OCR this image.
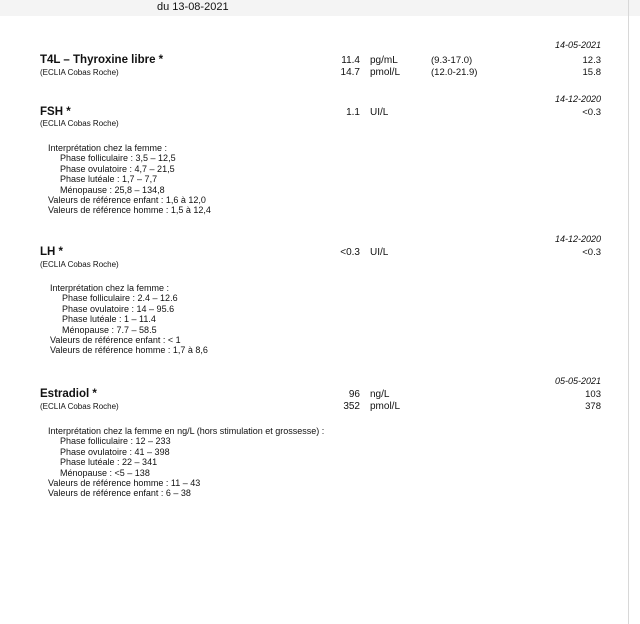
du 13-08-2021
14-05-2021
T4L – Thyroxine libre *
(ECLIA Cobas Roche)
11.4 pg/mL	(9.3-17.0)	12.3
14.7 pmol/L	(12.0-21.9)	15.8
14-12-2020
FSH *
(ECLIA Cobas Roche)
1.1 UI/L	<0.3
Interprétation chez la femme :
Phase folliculaire : 3,5 – 12,5
Phase ovulatoire : 4,7 – 21,5
Phase lutéale : 1,7 – 7,7
Ménopause : 25,8 – 134,8
Valeurs de référence enfant : 1,6 à 12,0
Valeurs de référence homme : 1,5 à 12,4
14-12-2020
LH *
(ECLIA Cobas Roche)
<0.3 UI/L	<0.3
Interprétation chez la femme :
Phase folliculaire : 2.4 – 12.6
Phase ovulatoire : 14 – 95.6
Phase lutéale : 1 – 11.4
Ménopause : 7.7 – 58.5
Valeurs de référence enfant : < 1
Valeurs de référence homme : 1,7 à 8,6
05-05-2021
Estradiol *
(ECLIA Cobas Roche)
96 ng/L	103
352 pmol/L	378
Interprétation chez la femme en ng/L (hors stimulation et grossesse) :
Phase folliculaire : 12 – 233
Phase ovulatoire : 41 – 398
Phase lutéale : 22 – 341
Ménopause : <5 – 138
Valeurs de référence homme : 11 – 43
Valeurs de référence enfant : 6 – 38
